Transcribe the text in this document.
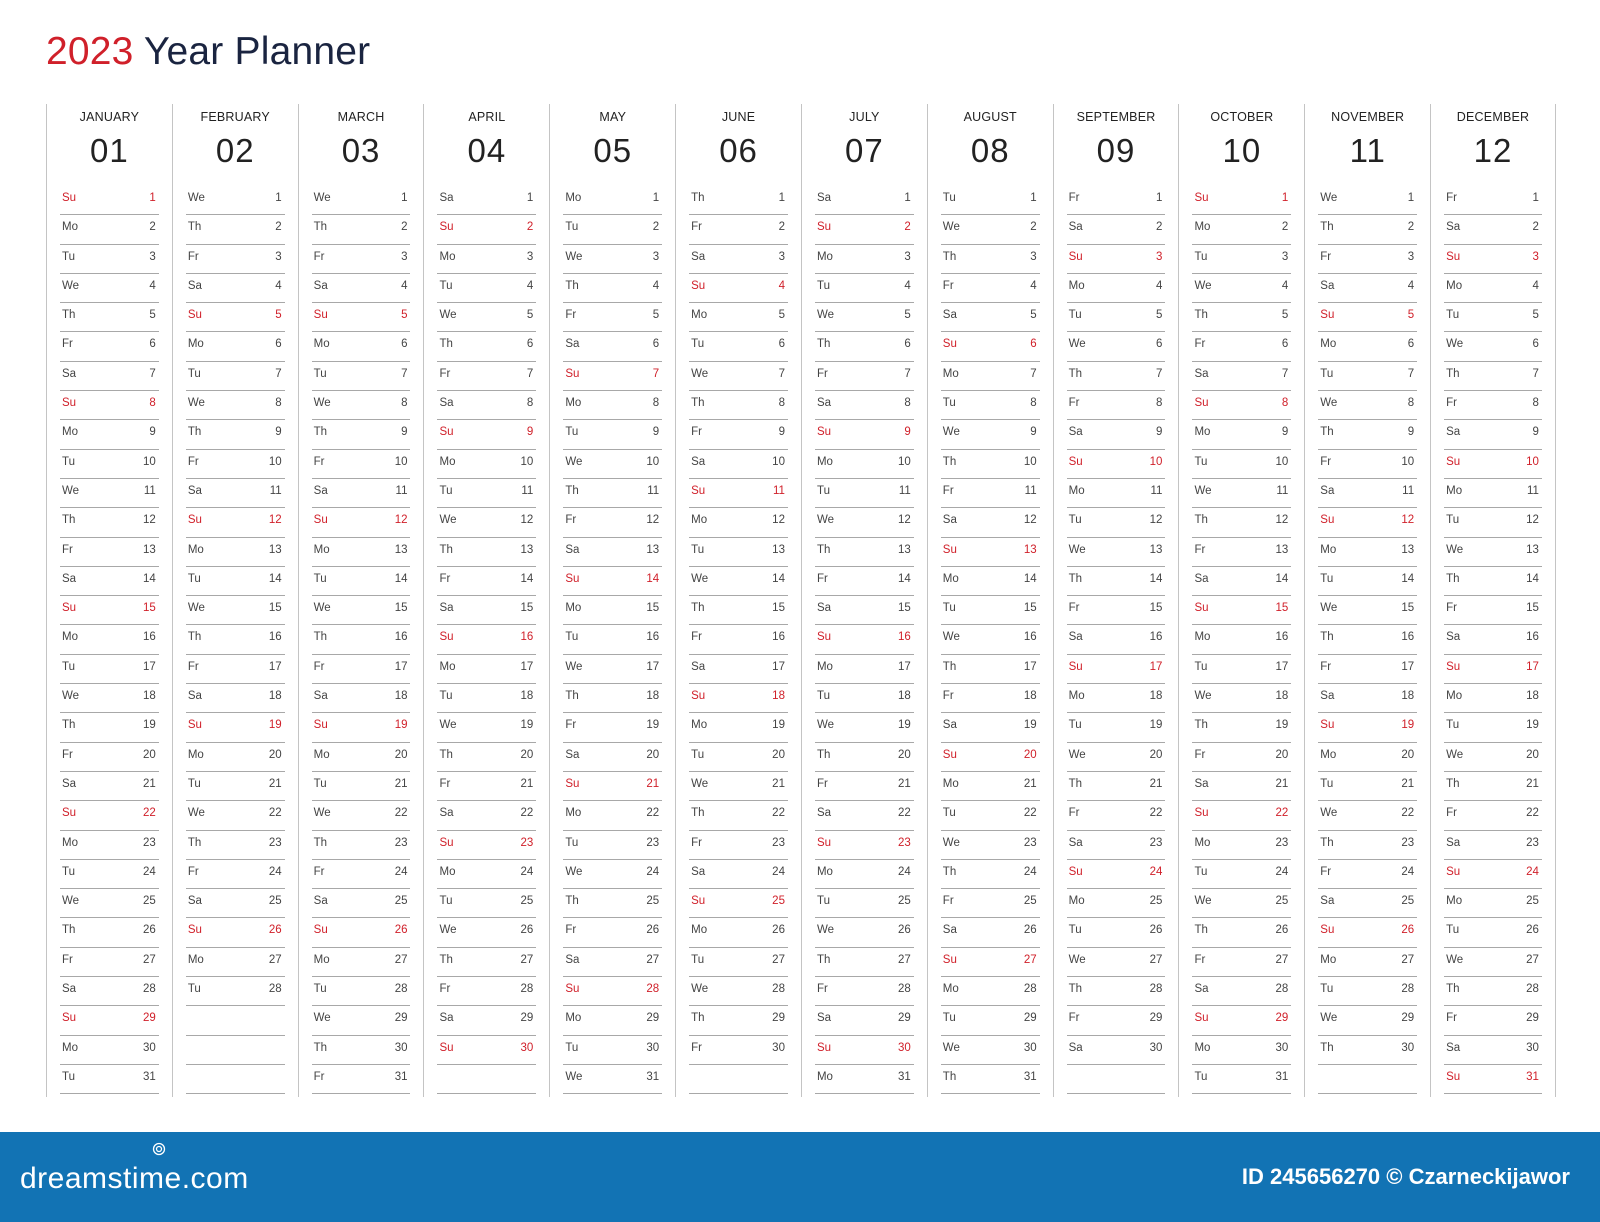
2023 Year Planner
JANUARY
01
Su	1
Mo	2
Tu	3
We	4
Th	5
Fr	6
Sa	7
Su	8
Mo	9
Tu	10
We	11
Th	12
Fr	13
Sa	14
Su	15
Mo	16
Tu	17
We	18
Th	19
Fr	20
Sa	21
Su	22
Mo	23
Tu	24
We	25
Th	26
Fr	27
Sa	28
Su	29
Mo	30
Tu	31
FEBRUARY
02
We	1
Th	2
Fr	3
Sa	4
Su	5
Mo	6
Tu	7
We	8
Th	9
Fr	10
Sa	11
Su	12
Mo	13
Tu	14
We	15
Th	16
Fr	17
Sa	18
Su	19
Mo	20
Tu	21
We	22
Th	23
Fr	24
Sa	25
Su	26
Mo	27
Tu	28
MARCH
03
We	1
Th	2
Fr	3
Sa	4
Su	5
Mo	6
Tu	7
We	8
Th	9
Fr	10
Sa	11
Su	12
Mo	13
Tu	14
We	15
Th	16
Fr	17
Sa	18
Su	19
Mo	20
Tu	21
We	22
Th	23
Fr	24
Sa	25
Su	26
Mo	27
Tu	28
We	29
Th	30
Fr	31
APRIL
04
Sa	1
Su	2
Mo	3
Tu	4
We	5
Th	6
Fr	7
Sa	8
Su	9
Mo	10
Tu	11
We	12
Th	13
Fr	14
Sa	15
Su	16
Mo	17
Tu	18
We	19
Th	20
Fr	21
Sa	22
Su	23
Mo	24
Tu	25
We	26
Th	27
Fr	28
Sa	29
Su	30
MAY
05
Mo	1
Tu	2
We	3
Th	4
Fr	5
Sa	6
Su	7
Mo	8
Tu	9
We	10
Th	11
Fr	12
Sa	13
Su	14
Mo	15
Tu	16
We	17
Th	18
Fr	19
Sa	20
Su	21
Mo	22
Tu	23
We	24
Th	25
Fr	26
Sa	27
Su	28
Mo	29
Tu	30
We	31
JUNE
06
Th	1
Fr	2
Sa	3
Su	4
Mo	5
Tu	6
We	7
Th	8
Fr	9
Sa	10
Su	11
Mo	12
Tu	13
We	14
Th	15
Fr	16
Sa	17
Su	18
Mo	19
Tu	20
We	21
Th	22
Fr	23
Sa	24
Su	25
Mo	26
Tu	27
We	28
Th	29
Fr	30
JULY
07
Sa	1
Su	2
Mo	3
Tu	4
We	5
Th	6
Fr	7
Sa	8
Su	9
Mo	10
Tu	11
We	12
Th	13
Fr	14
Sa	15
Su	16
Mo	17
Tu	18
We	19
Th	20
Fr	21
Sa	22
Su	23
Mo	24
Tu	25
We	26
Th	27
Fr	28
Sa	29
Su	30
Mo	31
AUGUST
08
Tu	1
We	2
Th	3
Fr	4
Sa	5
Su	6
Mo	7
Tu	8
We	9
Th	10
Fr	11
Sa	12
Su	13
Mo	14
Tu	15
We	16
Th	17
Fr	18
Sa	19
Su	20
Mo	21
Tu	22
We	23
Th	24
Fr	25
Sa	26
Su	27
Mo	28
Tu	29
We	30
Th	31
SEPTEMBER
09
Fr	1
Sa	2
Su	3
Mo	4
Tu	5
We	6
Th	7
Fr	8
Sa	9
Su	10
Mo	11
Tu	12
We	13
Th	14
Fr	15
Sa	16
Su	17
Mo	18
Tu	19
We	20
Th	21
Fr	22
Sa	23
Su	24
Mo	25
Tu	26
We	27
Th	28
Fr	29
Sa	30
OCTOBER
10
Su	1
Mo	2
Tu	3
We	4
Th	5
Fr	6
Sa	7
Su	8
Mo	9
Tu	10
We	11
Th	12
Fr	13
Sa	14
Su	15
Mo	16
Tu	17
We	18
Th	19
Fr	20
Sa	21
Su	22
Mo	23
Tu	24
We	25
Th	26
Fr	27
Sa	28
Su	29
Mo	30
Tu	31
NOVEMBER
11
We	1
Th	2
Fr	3
Sa	4
Su	5
Mo	6
Tu	7
We	8
Th	9
Fr	10
Sa	11
Su	12
Mo	13
Tu	14
We	15
Th	16
Fr	17
Sa	18
Su	19
Mo	20
Tu	21
We	22
Th	23
Fr	24
Sa	25
Su	26
Mo	27
Tu	28
We	29
Th	30
DECEMBER
12
Fr	1
Sa	2
Su	3
Mo	4
Tu	5
We	6
Th	7
Fr	8
Sa	9
Su	10
Mo	11
Tu	12
We	13
Th	14
Fr	15
Sa	16
Su	17
Mo	18
Tu	19
We	20
Th	21
Fr	22
Sa	23
Su	24
Mo	25
Tu	26
We	27
Th	28
Fr	29
Sa	30
Su	31
dreamstime.com	ID 245656270 © Czarneckijawor
